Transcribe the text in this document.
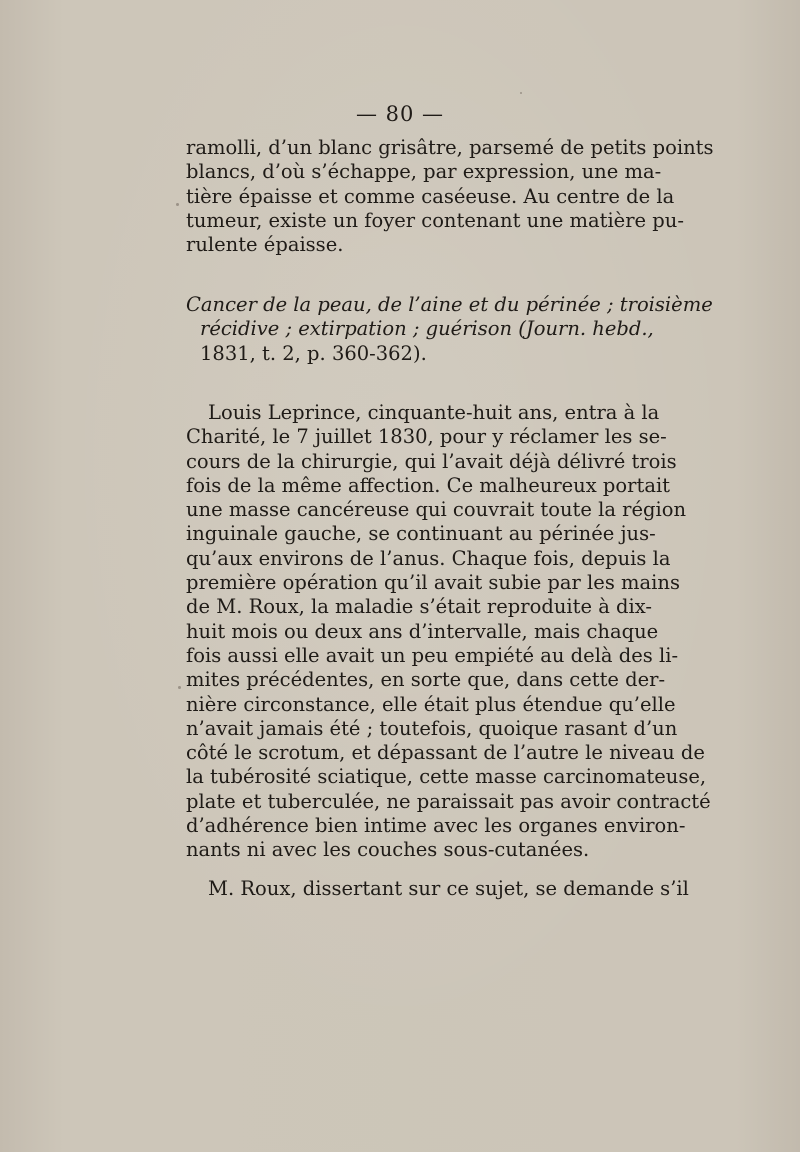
— 80 —
ramolli, d’un blanc grisâtre, parsemé de petits points
blancs, d’où s’échappe, par expression, une ma-
tière épaisse et comme caséeuse. Au centre de la
tumeur, existe un foyer contenant une matière pu-
rulente épaisse.
Cancer de la peau, de l’aine et du périnée ; troisième
récidive ; extirpation ; guérison (Journ. hebd.,
1831, t. 2, p. 360-362).
Louis Leprince, cinquante-huit ans, entra à la
Charité, le 7 juillet 1830, pour y réclamer les se-
cours de la chirurgie, qui l’avait déjà délivré trois
fois de la même affection. Ce malheureux portait
une masse cancéreuse qui couvrait toute la région
inguinale gauche, se continuant au périnée jus-
qu’aux environs de l’anus. Chaque fois, depuis la
première opération qu’il avait subie par les mains
de M. Roux, la maladie s’était reproduite à dix-
huit mois ou deux ans d’intervalle, mais chaque
fois aussi elle avait un peu empiété au delà des li-
mites précédentes, en sorte que, dans cette der-
nière circonstance, elle était plus étendue qu’elle
n’avait jamais été ; toutefois, quoique rasant d’un
côté le scrotum, et dépassant de l’autre le niveau de
la tubérosité sciatique, cette masse carcinomateuse,
plate et tuberculée, ne paraissait pas avoir contracté
d’adhérence bien intime avec les organes environ-
nants ni avec les couches sous-cutanées.
M. Roux, dissertant sur ce sujet, se demande s’il
